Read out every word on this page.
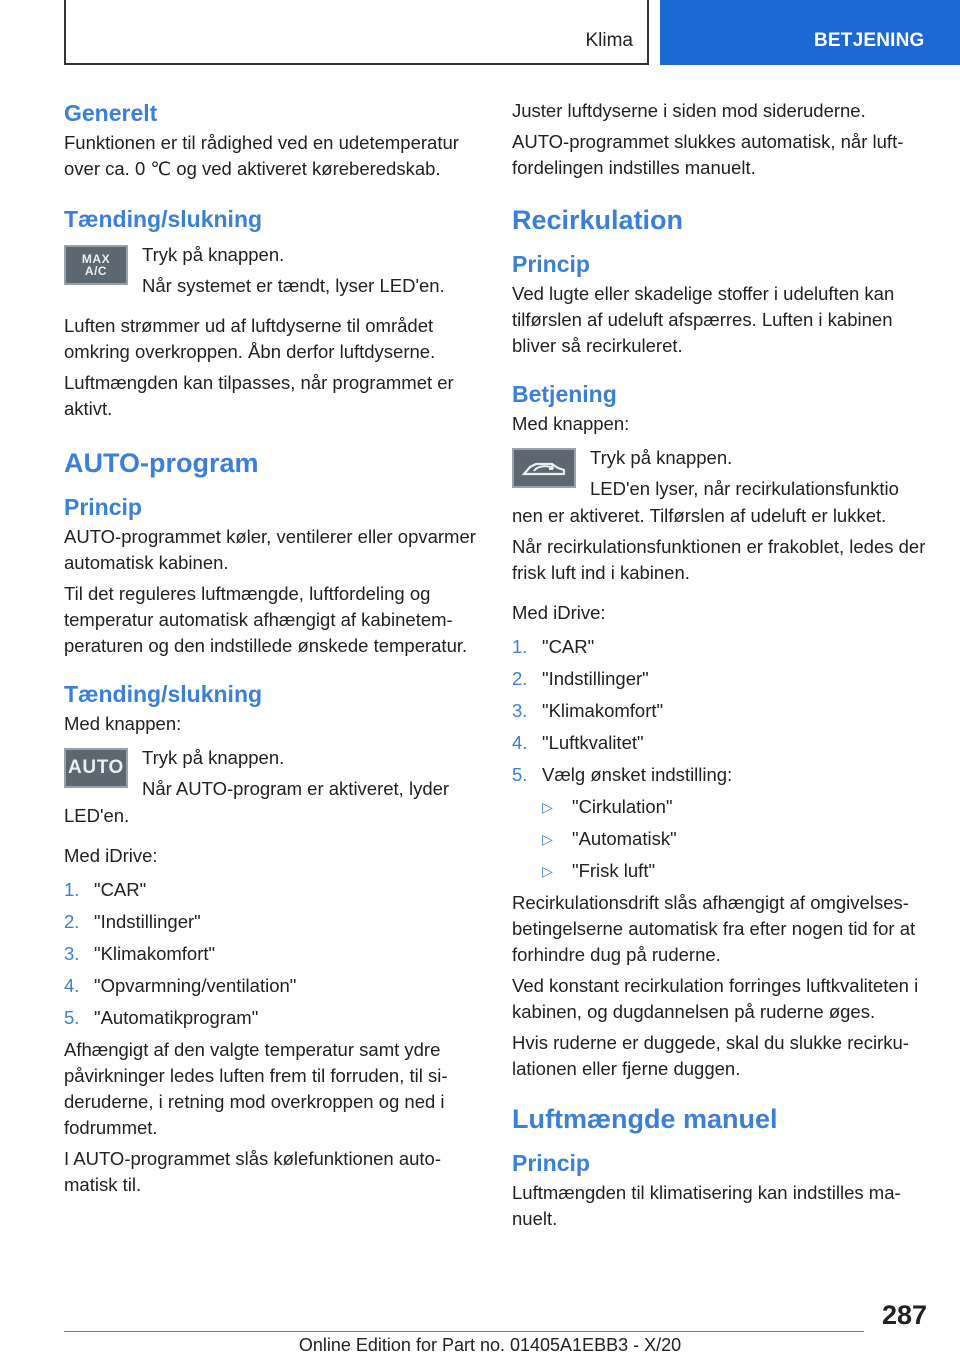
Klima	BETJENING
Generelt

Funktionen er til rådighed ved en udetemperatur over ca. 0 ℃ og ved aktiveret køreberedskab.

Tænding/slukning
MAX
A/C

Tryk på knappen.

Når systemet er tændt, lyser LED'en.

Luften strømmer ud af luftdyserne til området omkring overkroppen. Åbn derfor luftdyserne.

Luftmængden kan tilpasses, når programmet er aktivt.

AUTO-program
Princip

AUTO-programmet køler, ventilerer eller opvarmer automatisk kabinen.

Til det reguleres luftmængde, luftfordeling og temperatur automatisk afhængigt af kabinetemperaturen og den indstillede ønskede temperatur.

Tænding/slukning

Med knappen:

AUTO Tryk på knappen.

Når AUTO-program er aktiveret, lyder

LED'en.

Med iDrive:

1. "CAR"
2. "Indstillinger"
3. "Klimakomfort"
4. "Opvarmning/ventilation"
5. "Automatikprogram"

Afhængigt af den valgte temperatur samt ydre påvirkninger ledes luften frem til forruden, til sideruderne, i retning mod overkroppen og ned i fodrummet.

I AUTO-programmet slås kølefunktionen automatisk til.

Juster luftdyserne i siden mod sideruderne.

AUTO-programmet slukkes automatisk, når luftfordelingen indstilles manuelt.

Recirkulation
Princip

Ved lugte eller skadelige stoffer i udeluften kan tilførslen af udeluft afspærres. Luften i kabinen bliver så recirkuleret.

Betjening

Med knappen:

Tryk på knappen.

LED'en lyser, når recirkulationsfunktio

nen er aktiveret. Tilførslen af udeluft er lukket.

Når recirkulationsfunktionen er frakoblet, ledes der frisk luft ind i kabinen.

Med iDrive:

1. "CAR"
2. "Indstillinger"
3. "Klimakomfort"
4. "Luftkvalitet"
5. Vælg ønsket indstilling:
▷ "Cirkulation"
▷ "Automatisk"
▷ "Frisk luft"

Recirkulationsdrift slås afhængigt af omgivelsesbetingelserne automatisk fra efter nogen tid for at forhindre dug på ruderne.

Ved konstant recirkulation forringes luftkvaliteten i kabinen, og dugdannelsen på ruderne øges.

Hvis ruderne er duggede, skal du slukke recirkulationen eller fjerne duggen.

Luftmængde manuel
Princip

Luftmængden til klimatisering kan indstilles manuelt.

287
Online Edition for Part no. 01405A1EBB3 - X/20
